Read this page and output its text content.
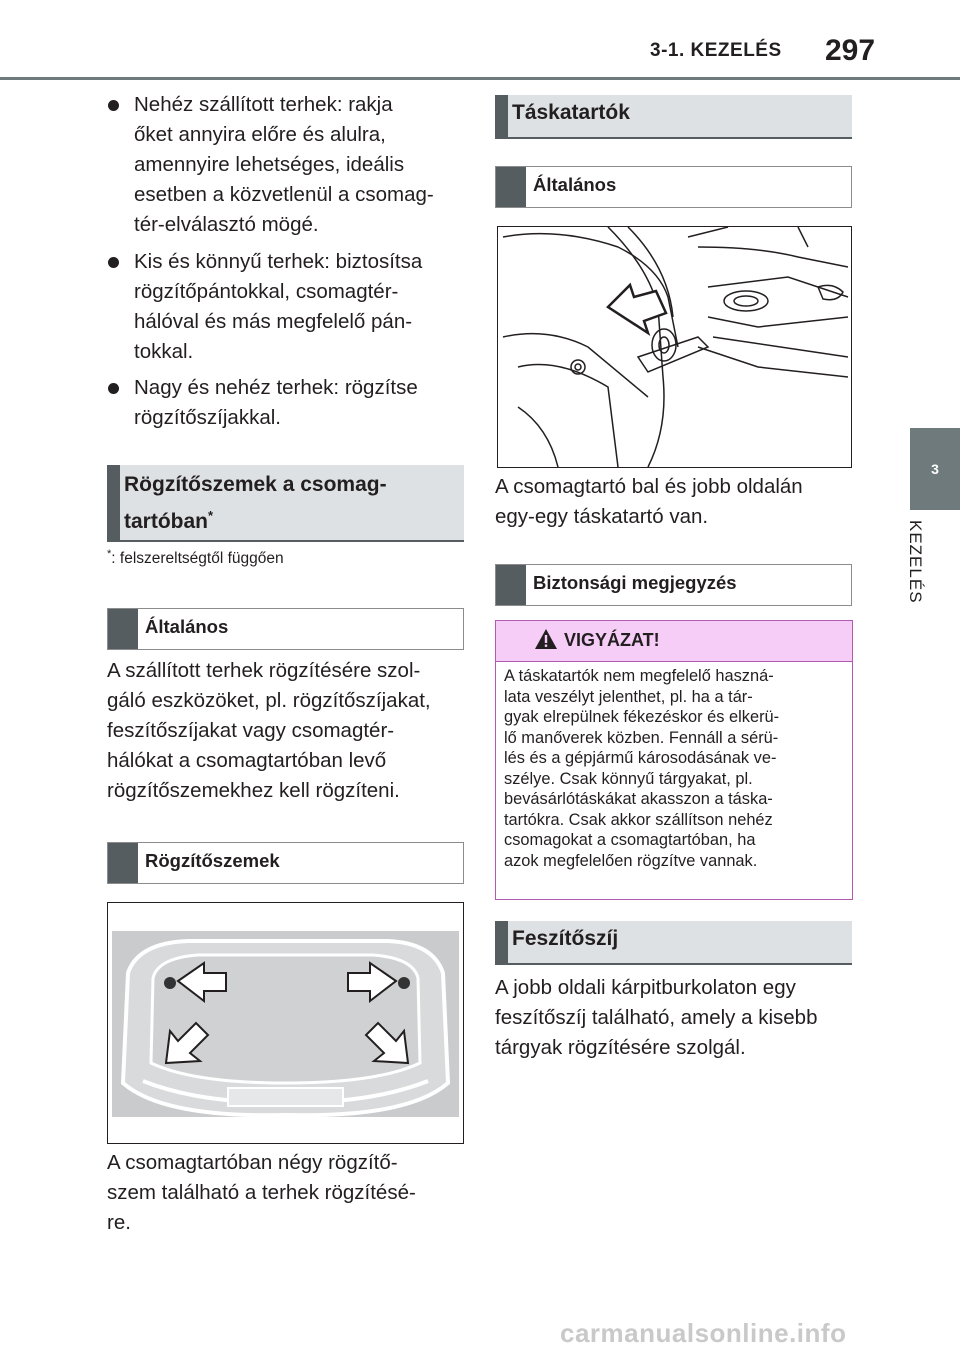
3-1. KEZELÉS 297
3
KEZELÉS
Nehéz szállított terhek: rakja
őket annyira előre és alulra,
amennyire lehetséges, ideális
esetben a közvetlenül a csomag-
tér-elválasztó mögé.
Kis és könnyű terhek: biztosítsa
rögzítőpántokkal, csomagtér-
hálóval és más megfelelő pán-
tokkal.
Nagy és nehéz terhek: rögzítse
rögzítőszíjakkal.
Rögzítőszemek a csomag-
tartóban*
*: felszereltségtől függően
Általános
A szállított terhek rögzítésére szol-
gáló eszközöket, pl. rögzítőszíjakat,
feszítőszíjakat vagy csomagtér-
hálókat a csomagtartóban levő
rögzítőszemekhez kell rögzíteni.
Rögzítőszemek
A csomagtartóban négy rögzítő-
szem található a terhek rögzítésé-
re.
Táskatartók
Általános
A csomagtartó bal és jobb oldalán
egy-egy táskatartó van.
Biztonsági megjegyzés
VIGYÁZAT!
A táskatartók nem megfelelő haszná-
lata veszélyt jelenthet, pl. ha a tár-
gyak elrepülnek fékezéskor és elkerü-
lő manőverek közben. Fennáll a sérü-
lés és a gépjármű károsodásának ve-
szélye. Csak könnyű tárgyakat, pl.
bevásárlótáskákat akasszon a táska-
tartókra. Csak akkor szállítson nehéz
csomagokat a csomagtartóban, ha
azok megfelelően rögzítve vannak.
Feszítőszíj
A jobb oldali kárpitburkolaton egy
feszítőszíj található, amely a kisebb
tárgyak rögzítésére szolgál.
carmanualsonline.info
